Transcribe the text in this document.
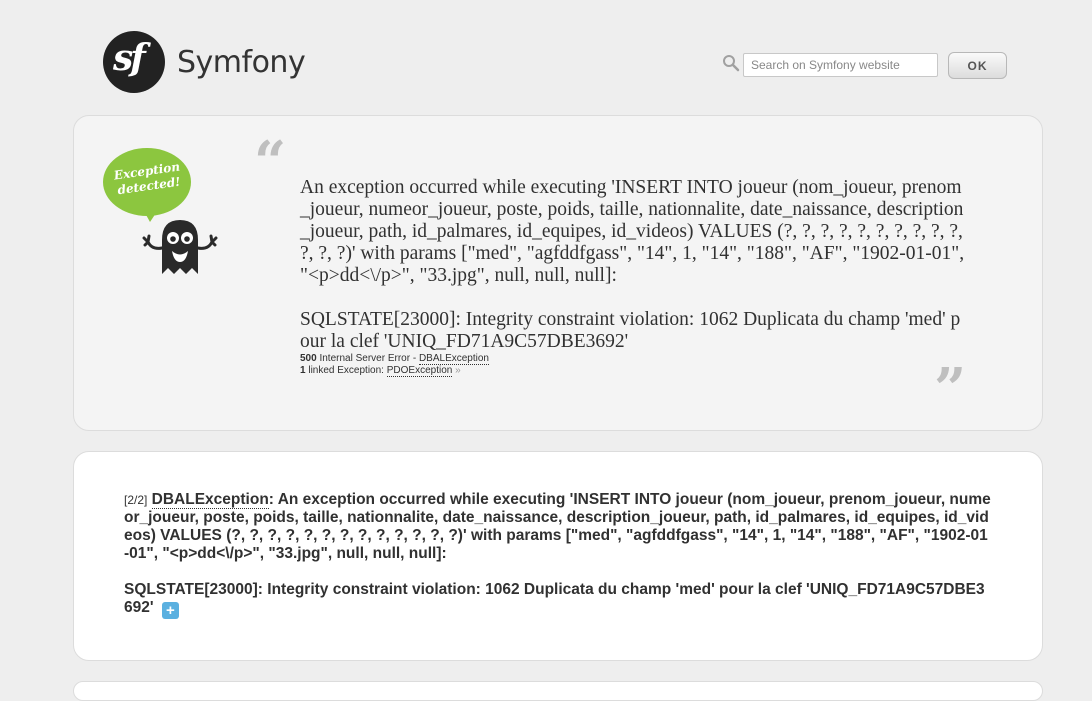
sf Symfony
Search on Symfony website	OK
Exception detected! “ An exception occurred while executing 'INSERT INTO joueur (nom_joueur, prenom_joueur, numeor_joueur, poste, poids, taille, nationnalite, date_naissance, description_joueur, path, id_palmares, id_equipes, id_videos) VALUES (?, ?, ?, ?, ?, ?, ?, ?, ?, ?, ?, ?, ?)' with params ["med", "agfddfgass", "14", 1, "14", "188", "AF", "1902-01-01", "<p>dd<\/p>", "33.jpg", null, null, null]:

SQLSTATE[23000]: Integrity constraint violation: 1062 Duplicata du champ 'med' pour la clef 'UNIQ_FD71A9C57DBE3692'
500 Internal Server Error - DBALException
1 linked Exception: PDOException »	”
[2/2] DBALException: An exception occurred while executing 'INSERT INTO joueur (nom_joueur, prenom_joueur, numeor_joueur, poste, poids, taille, nationnalite, date_naissance, description_joueur, path, id_palmares, id_equipes, id_videos) VALUES (?, ?, ?, ?, ?, ?, ?, ?, ?, ?, ?, ?, ?)' with params ["med", "agfddfgass", "14", 1, "14", "188", "AF", "1902-01-01", "<p>dd<\/p>", "33.jpg", null, null, null]:

SQLSTATE[23000]: Integrity constraint violation: 1062 Duplicata du champ 'med' pour la clef 'UNIQ_FD71A9C57DBE3692' +
